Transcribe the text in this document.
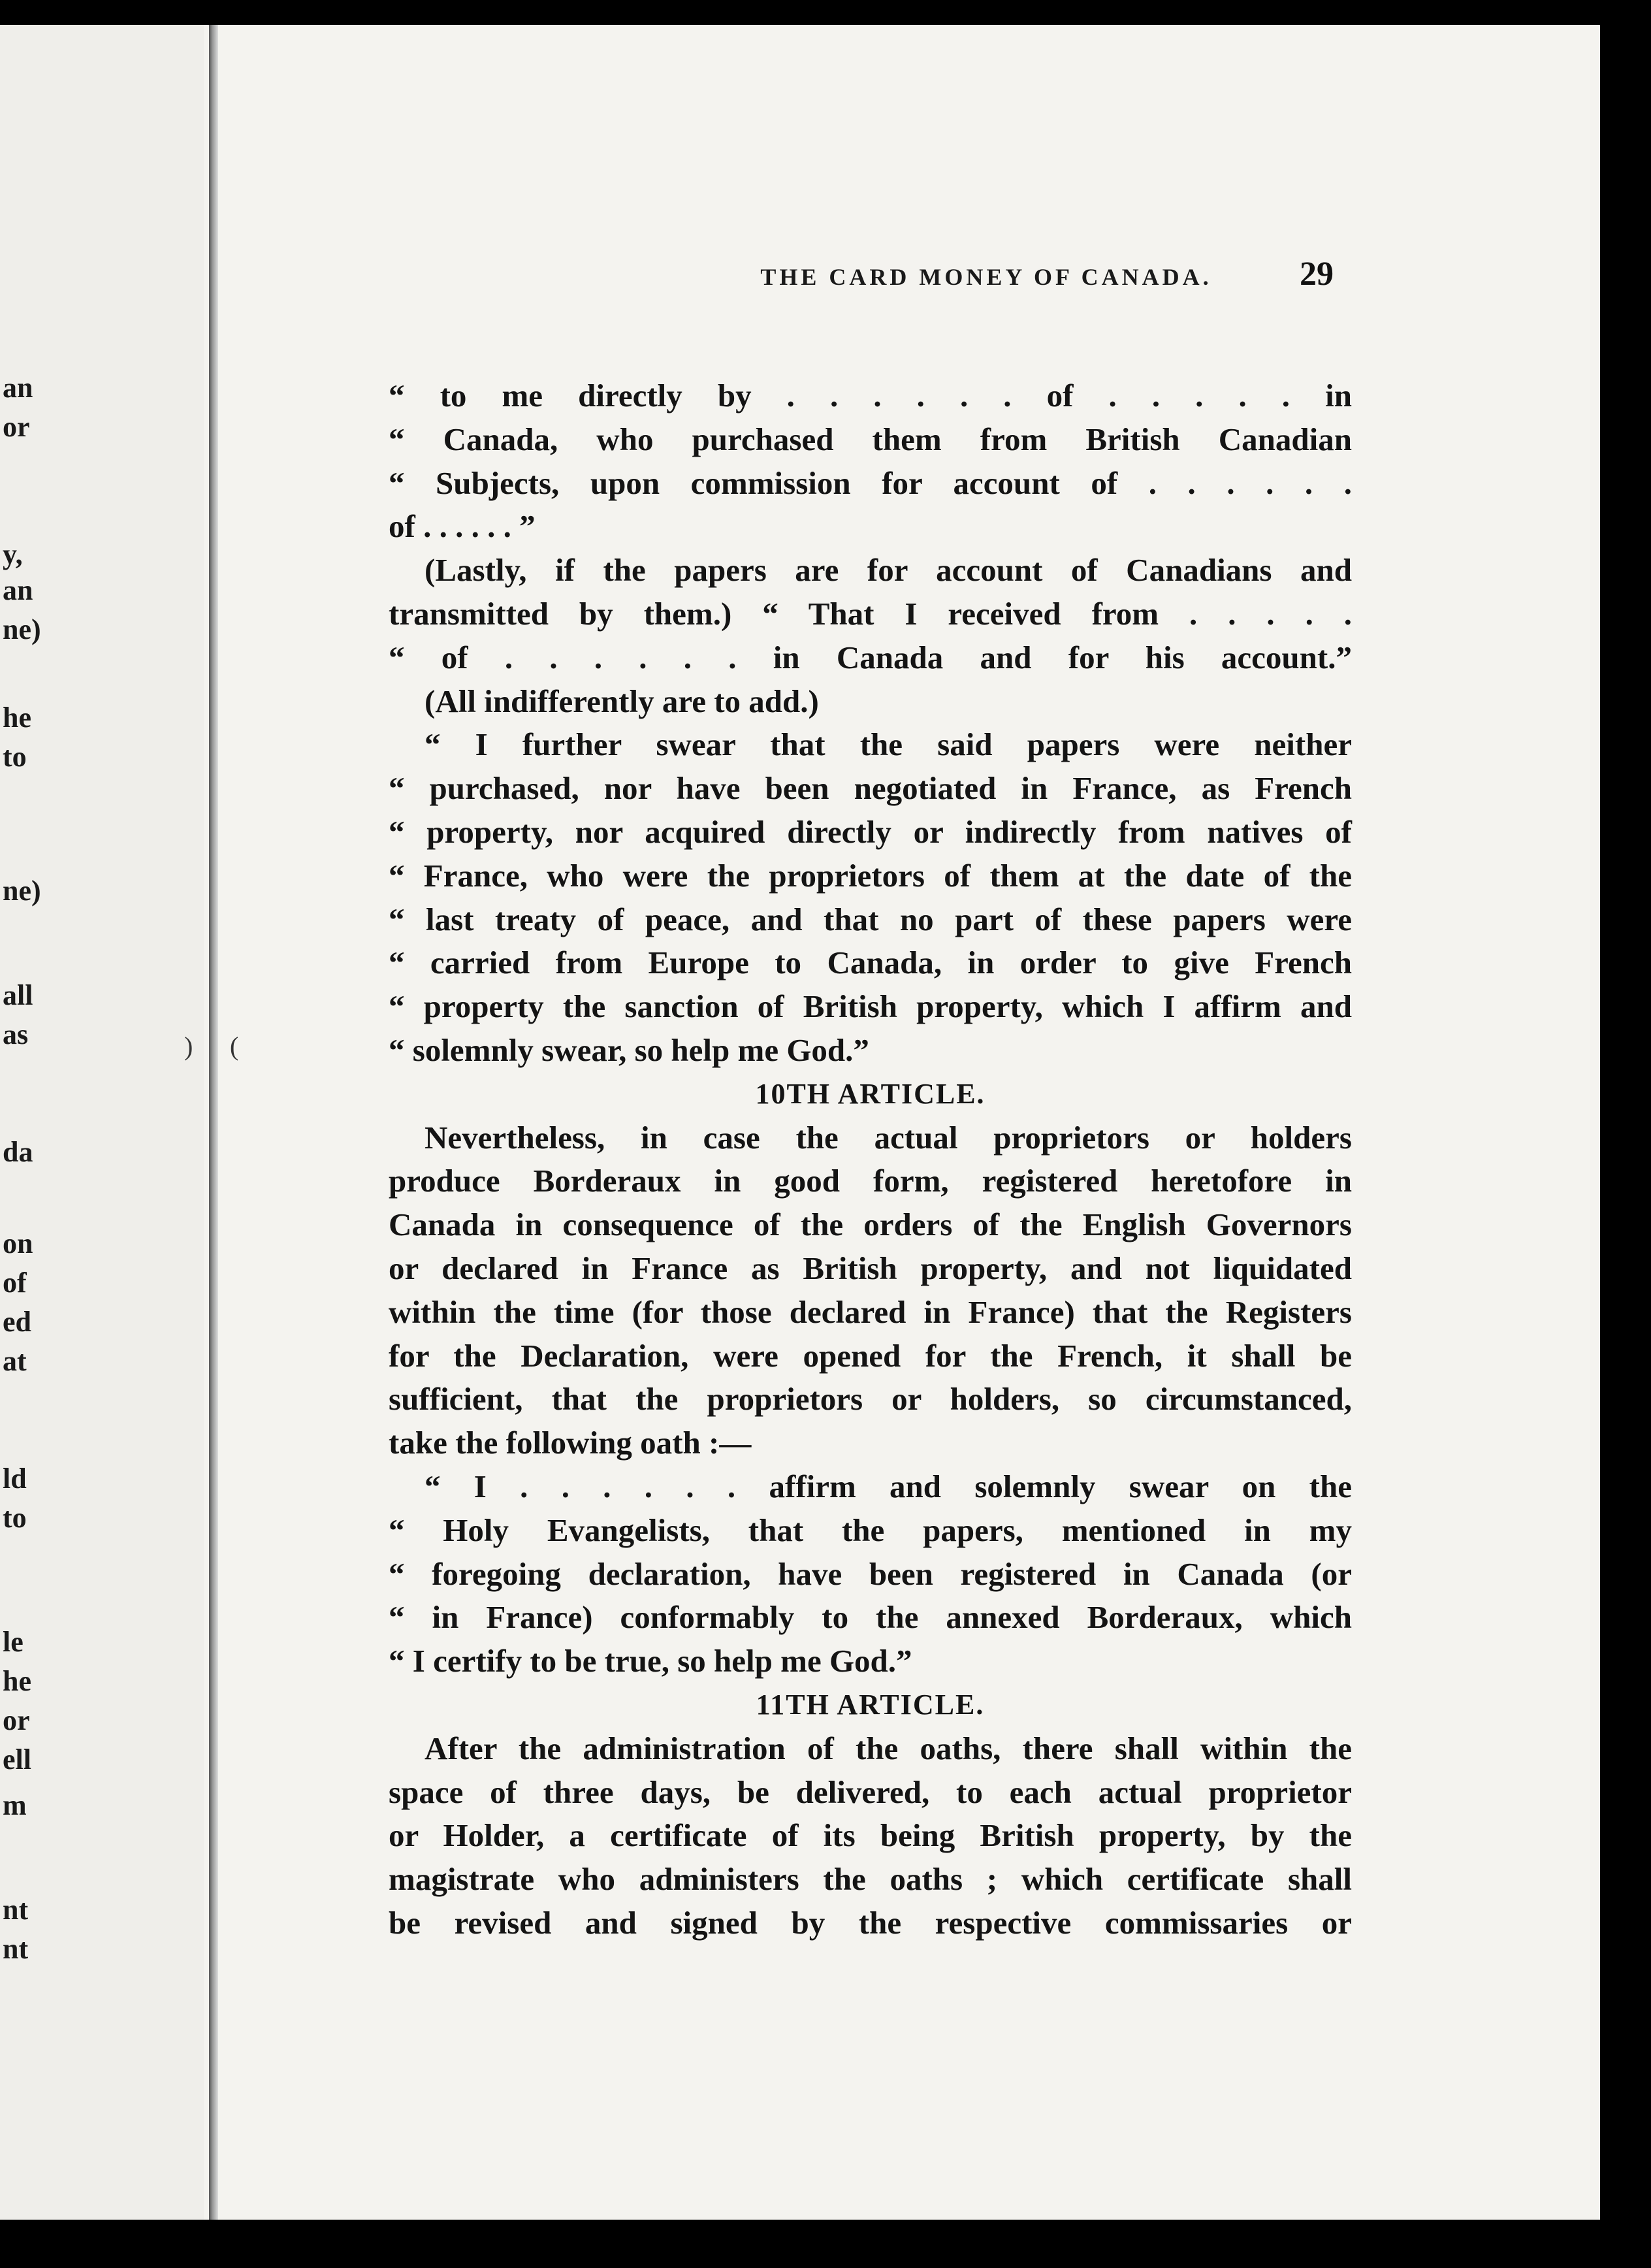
an
or
y,
an
ne)
he
to
ne)
all
as
da
on
of
ed
at
ld
to
le
he
or
ell
m
nt
nt
) (
THE CARD MONEY OF CANADA.	29
“ to me directly by . . . . . . of . . . . . in
“ Canada, who purchased them from British Canadian
“ Subjects, upon commission for account of . . . . . .
of . . . . . . ”
(Lastly, if the papers are for account of Canadians and
transmitted by them.) “ That I received from . . . . .
“ of . . . . . . in Canada and for his account.”
(All indifferently are to add.)
“ I further swear that the said papers were neither
“ purchased, nor have been negotiated in France, as French
“ property, nor acquired directly or indirectly from natives of
“ France, who were the proprietors of them at the date of the
“ last treaty of peace, and that no part of these papers were
“ carried from Europe to Canada, in order to give French
“ property the sanction of British property, which I affirm and
“ solemnly swear, so help me God.”
10TH ARTICLE.
Nevertheless, in case the actual proprietors or holders
produce Borderaux in good form, registered heretofore in
Canada in consequence of the orders of the English Governors
or declared in France as British property, and not liquidated
within the time (for those declared in France) that the Registers
for the Declaration, were opened for the French, it shall be
sufficient, that the proprietors or holders, so circumstanced,
take the following oath :—
“ I . . . . . . affirm and solemnly swear on the
“ Holy Evangelists, that the papers, mentioned in my
“ foregoing declaration, have been registered in Canada (or
“ in France) conformably to the annexed Borderaux, which
“ I certify to be true, so help me God.”
11TH ARTICLE.
After the administration of the oaths, there shall within the
space of three days, be delivered, to each actual proprietor
or Holder, a certificate of its being British property, by the
magistrate who administers the oaths ; which certificate shall
be revised and signed by the respective commissaries or
